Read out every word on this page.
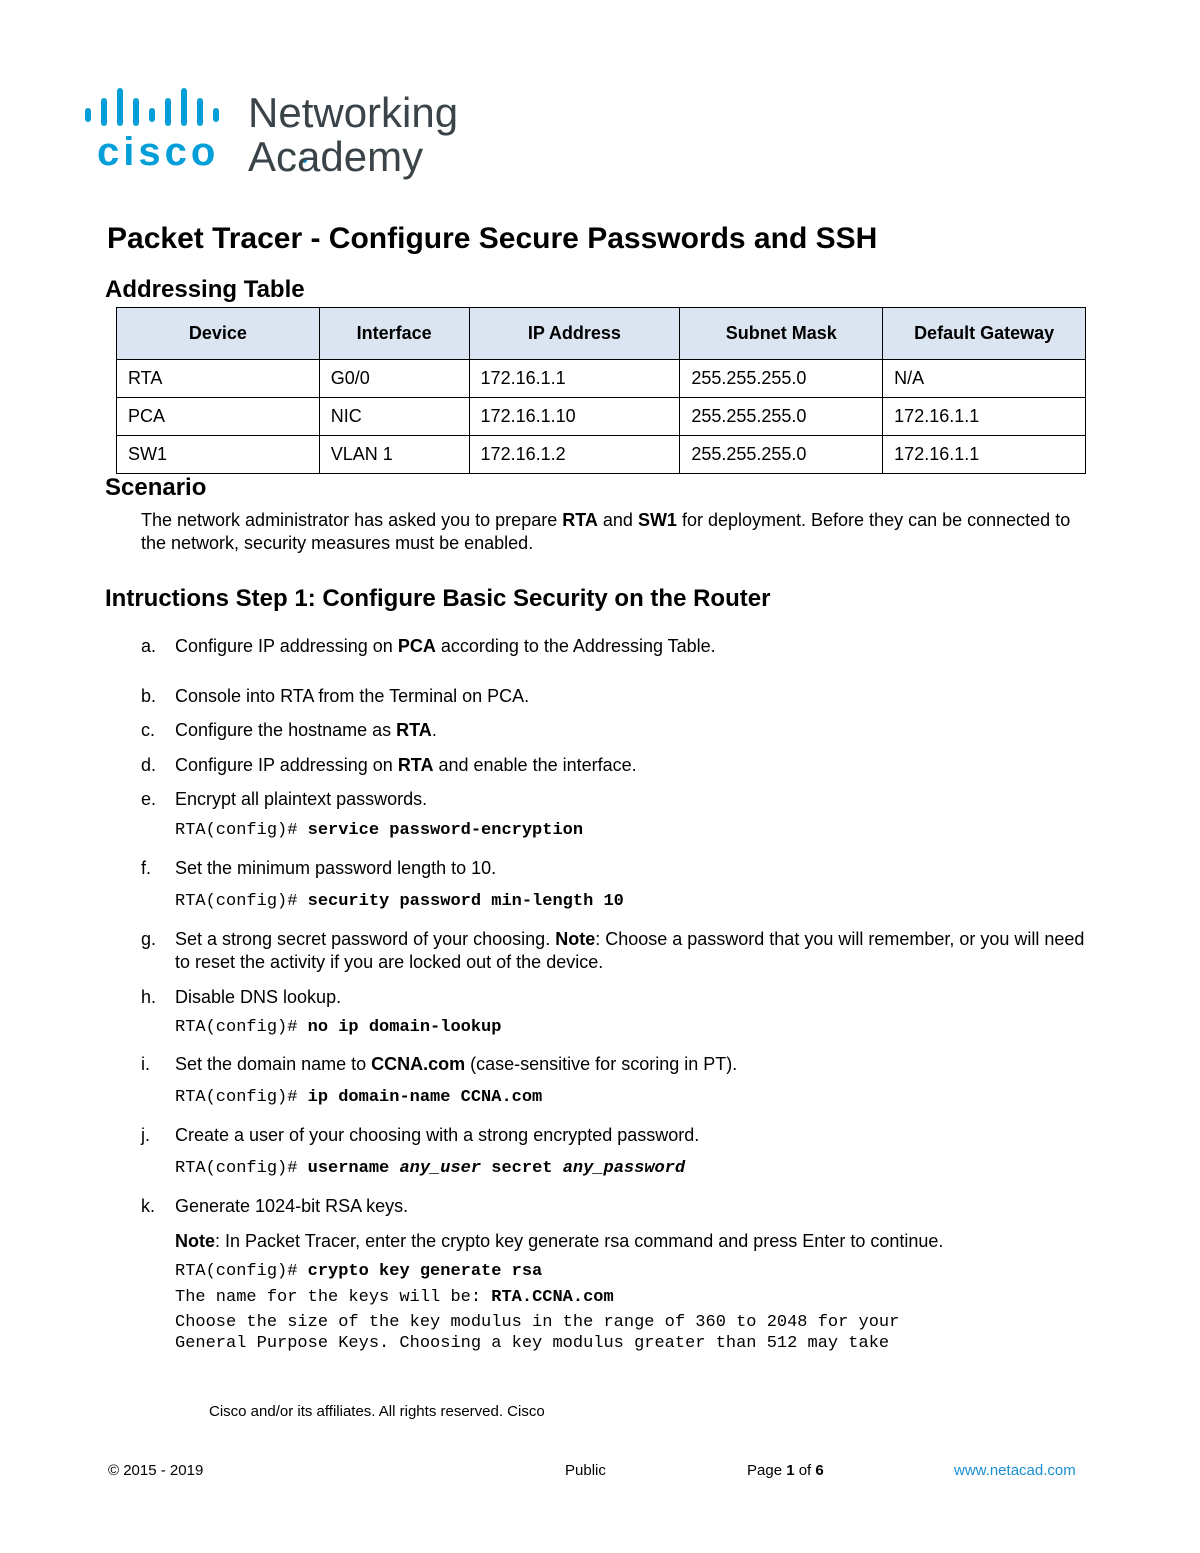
cisco
Networking
Academy
Packet Tracer - Configure Secure Passwords and SSH
Addressing Table
Device	Interface	IP Address	Subnet Mask	Default Gateway
RTA	G0/0	172.16.1.1	255.255.255.0	N/A
PCA	NIC	172.16.1.10	255.255.255.0	172.16.1.1
SW1	VLAN 1	172.16.1.2	255.255.255.0	172.16.1.1
Scenario
The network administrator has asked you to prepare RTA and SW1 for deployment. Before they can be connected to the network, security measures must be enabled.
Intructions Step 1: Configure Basic Security on the Router
a.	Configure IP addressing on PCA according to the Addressing Table.
b.	Console into RTA from the Terminal on PCA.
c.	Configure the hostname as RTA.
d.	Configure IP addressing on RTA and enable the interface.
e.	Encrypt all plaintext passwords.
RTA(config)# service password-encryption
f.	Set the minimum password length to 10.
RTA(config)# security password min-length 10
g.	Set a strong secret password of your choosing. Note: Choose a password that you will remember, or you will need to reset the activity if you are locked out of the device.
h.	Disable DNS lookup.
RTA(config)# no ip domain-lookup
i.	Set the domain name to CCNA.com (case-sensitive for scoring in PT).
RTA(config)# ip domain-name CCNA.com
j.	Create a user of your choosing with a strong encrypted password.
RTA(config)# username any_user secret any_password
k.	Generate 1024-bit RSA keys.
Note: In Packet Tracer, enter the crypto key generate rsa command and press Enter to continue.
RTA(config)# crypto key generate rsa
The name for the keys will be: RTA.CCNA.com
Choose the size of the key modulus in the range of 360 to 2048 for your
General Purpose Keys. Choosing a key modulus greater than 512 may take
Cisco and/or its affiliates. All rights reserved. Cisco
© 2015 - 2019	Public	Page 1 of 6	www.netacad.com
